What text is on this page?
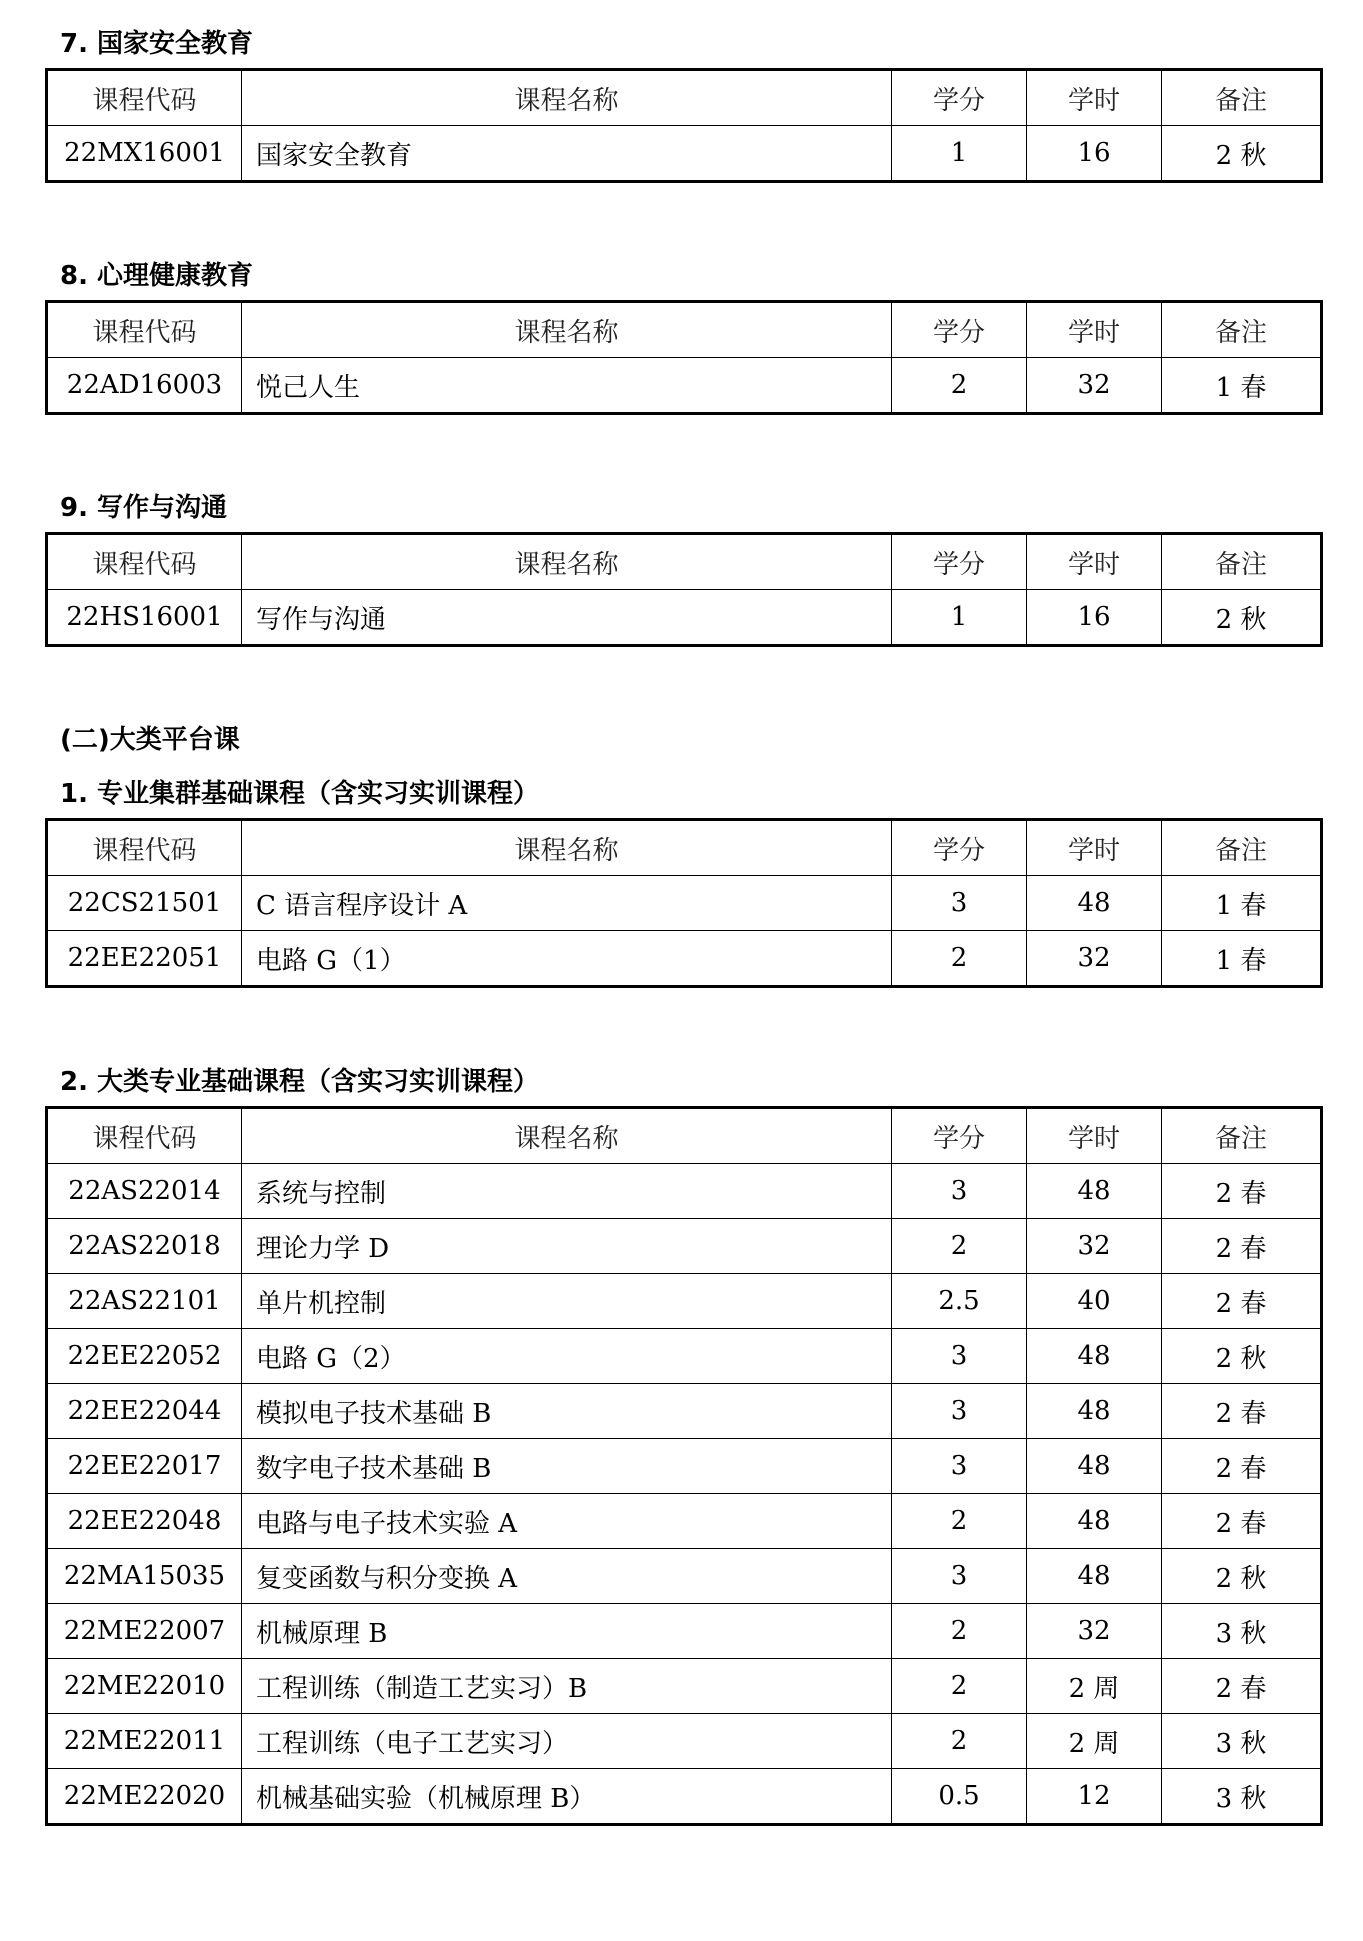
7. 国家安全教育
课程代码	课程名称	学分	学时	备注
22MX16001	国家安全教育	1	16	2 秋
8. 心理健康教育
课程代码	课程名称	学分	学时	备注
22AD16003	悦己人生	2	32	1 春
9. 写作与沟通
课程代码	课程名称	学分	学时	备注
22HS16001	写作与沟通	1	16	2 秋
(二)大类平台课
1. 专业集群基础课程（含实习实训课程）
课程代码	课程名称	学分	学时	备注
22CS21501	C 语言程序设计 A	3	48	1 春
22EE22051	电路 G（1）	2	32	1 春
2. 大类专业基础课程（含实习实训课程）
课程代码	课程名称	学分	学时	备注
22AS22014	系统与控制	3	48	2 春
22AS22018	理论力学 D	2	32	2 春
22AS22101	单片机控制	2.5	40	2 春
22EE22052	电路 G（2）	3	48	2 秋
22EE22044	模拟电子技术基础 B	3	48	2 春
22EE22017	数字电子技术基础 B	3	48	2 春
22EE22048	电路与电子技术实验 A	2	48	2 春
22MA15035	复变函数与积分变换 A	3	48	2 秋
22ME22007	机械原理 B	2	32	3 秋
22ME22010	工程训练（制造工艺实习）B	2	2 周	2 春
22ME22011	工程训练（电子工艺实习）	2	2 周	3 秋
22ME22020	机械基础实验（机械原理 B）	0.5	12	3 秋
